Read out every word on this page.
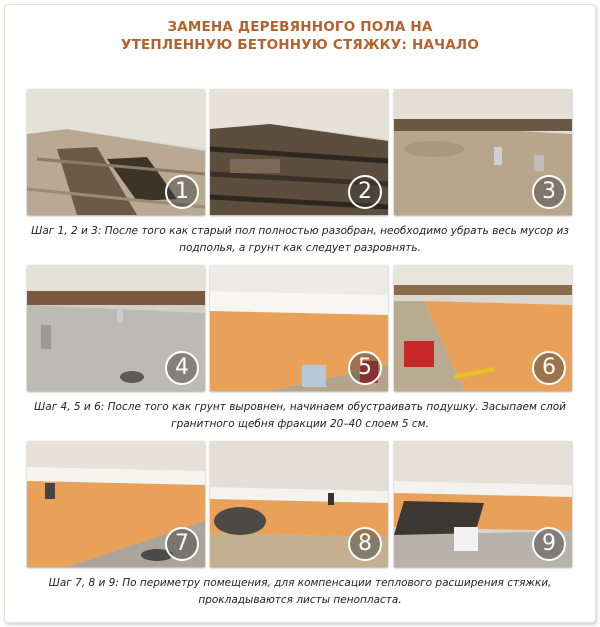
ЗАМЕНА ДЕРЕВЯННОГО ПОЛА НА
УТЕПЛЕННУЮ БЕТОННУЮ СТЯЖКУ: НАЧАЛО
1	2	3
Шаг 1, 2 и 3: После того как старый пол полностью разобран, необходимо убрать весь мусор из
подполья, а грунт как следует разровнять.
4	5	6
Шаг 4, 5 и 6: После того как грунт выровнен, начинаем обустраивать подушку. Засыпаем слой
гранитного щебня фракции 20–40 слоем 5 см.
7	8	9
Шаг 7, 8 и 9: По периметру помещения, для компенсации теплового расширения стяжки,
прокладываются листы пенопласта.
